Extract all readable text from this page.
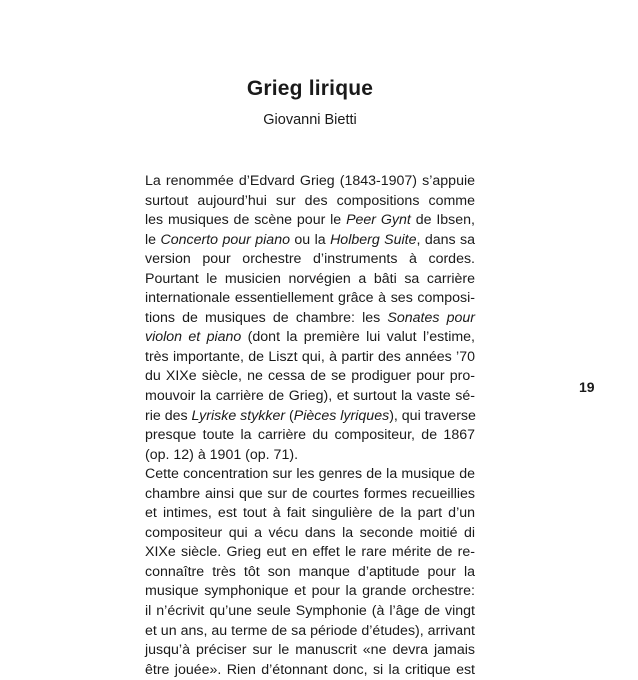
Grieg lirique

Giovanni Bietti

La renommée d’Edvard Grieg (1843-1907) s’appuie
surtout aujourd’hui sur des compositions comme
les musiques de scène pour le Peer Gynt de Ibsen,
le Concerto pour piano ou la Holberg Suite, dans sa
version pour orchestre d’instruments à cordes.
Pourtant le musicien norvégien a bâti sa carrière
internationale essentiellement grâce à ses composi-
tions de musiques de chambre: les Sonates pour
violon et piano (dont la première lui valut l’estime,
très importante, de Liszt qui, à partir des années ’70
du XIXe siècle, ne cessa de se prodiguer pour pro-
mouvoir la carrière de Grieg), et surtout la vaste sé-
rie des Lyriske stykker (Pièces lyriques), qui traverse
presque toute la carrière du compositeur, de 1867
(op. 12) à 1901 (op. 71).
Cette concentration sur les genres de la musique de
chambre ainsi que sur de courtes formes recueillies
et intimes, est tout à fait singulière de la part d’un
compositeur qui a vécu dans la seconde moitié di
XIXe siècle. Grieg eut en effet le rare mérite de re-
connaître très tôt son manque d’aptitude pour la
musique symphonique et pour la grande orchestre:
il n’écrivit qu’une seule Symphonie (à l’âge de vingt
et un ans, au terme de sa période d’études), arrivant
jusqu’à préciser sur le manuscrit «ne devra jamais
être jouée». Rien d’étonnant donc, si la critique est

19
